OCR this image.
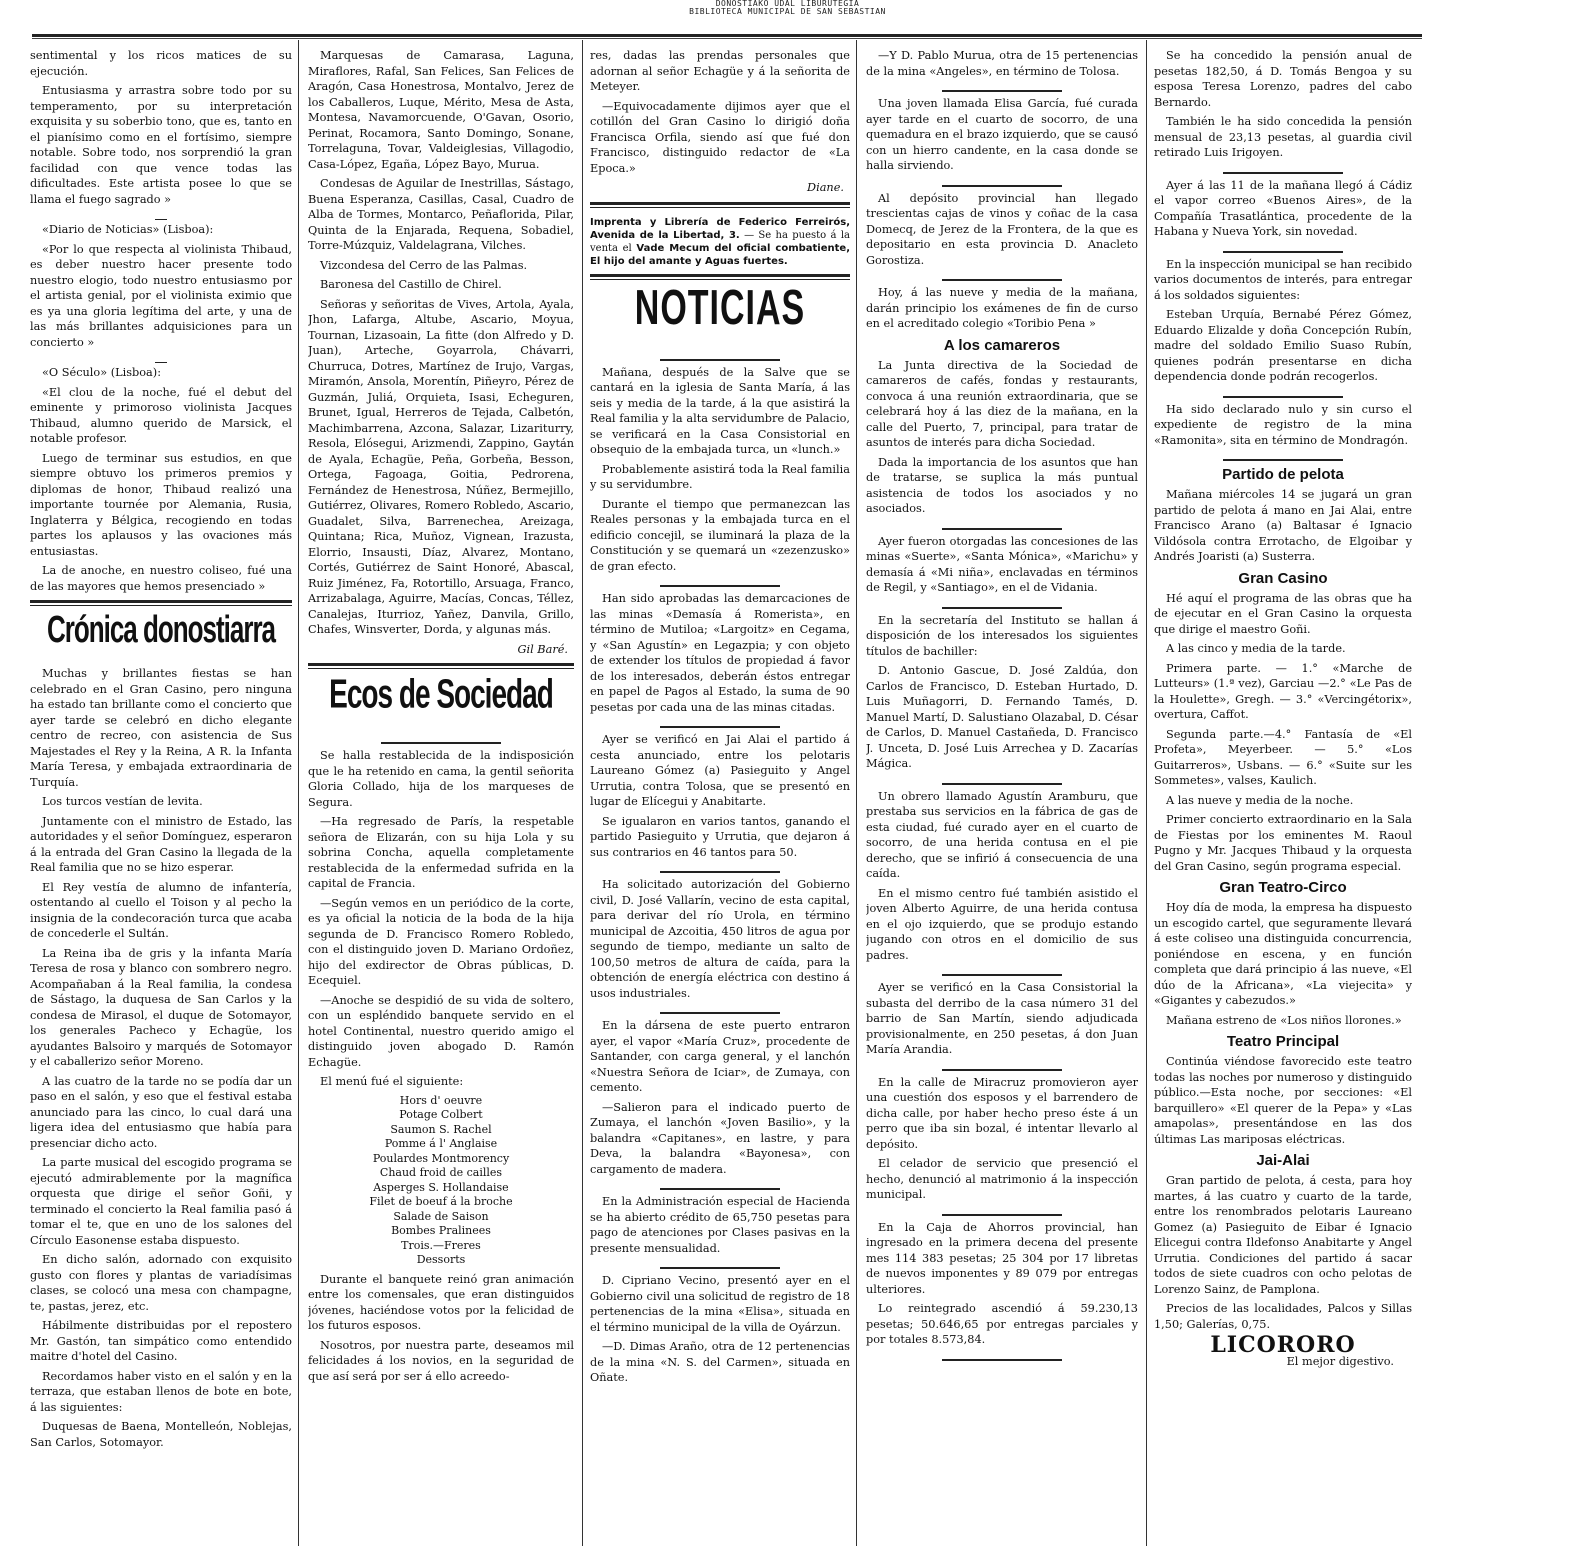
DONOSTIAKO UDAL LIBURUTEGIA
BIBLIOTECA MUNICIPAL DE SAN SEBASTIAN

sentimental y los ricos matices de su ejecución.

Entusiasma y arrastra sobre todo por su temperamento, por su interpretación exquisita y su soberbio tono, que es, tanto en el pianísimo como en el fortísimo, siempre notable. Sobre todo, nos sorprendió la gran facilidad con que vence todas las dificultades. Este artista posee lo que se llama el fuego sagrado »

«Diario de Noticias» (Lisboa):

«Por lo que respecta al violinista Thibaud, es deber nuestro hacer presente todo nuestro elogio, todo nuestro entusiasmo por el artista genial, por el violinista eximio que es ya una gloria legítima del arte, y una de las más brillantes adquisiciones para un concierto »

«O Século» (Lisboa):

«El clou de la noche, fué el debut del eminente y primoroso violinista Jacques Thibaud, alumno querido de Marsick, el notable profesor.

Luego de terminar sus estudios, en que siempre obtuvo los primeros premios y diplomas de honor, Thibaud realizó una importante tournée por Alemania, Rusia, Inglaterra y Bélgica, recogiendo en todas partes los aplausos y las ovaciones más entusiastas.

La de anoche, en nuestro coliseo, fué una de las mayores que hemos presenciado »

Crónica donostiarra

Muchas y brillantes fiestas se han celebrado en el Gran Casino, pero ninguna ha estado tan brillante como el concierto que ayer tarde se celebró en dicho elegante centro de recreo, con asistencia de Sus Majestades el Rey y la Reina, A R. la Infanta María Teresa, y embajada extraordinaria de Turquía.

Los turcos vestían de levita.

Juntamente con el ministro de Estado, las autoridades y el señor Domínguez, esperaron á la entrada del Gran Casino la llegada de la Real familia que no se hizo esperar.

El Rey vestía de alumno de infantería, ostentando al cuello el Toison y al pecho la insignia de la condecoración turca que acaba de concederle el Sultán.

La Reina iba de gris y la infanta María Teresa de rosa y blanco con sombrero negro. Acompañaban á la Real familia, la condesa de Sástago, la duquesa de San Carlos y la condesa de Mirasol, el duque de Sotomayor, los generales Pacheco y Echagüe, los ayudantes Balsoiro y marqués de Sotomayor y el caballerizo señor Moreno.

A las cuatro de la tarde no se podía dar un paso en el salón, y eso que el festival estaba anunciado para las cinco, lo cual dará una ligera idea del entusiasmo que había para presenciar dicho acto.

La parte musical del escogido programa se ejecutó admirablemente por la magnífica orquesta que dirige el señor Goñi, y terminado el concierto la Real familia pasó á tomar el te, que en uno de los salones del Círculo Easonense estaba dispuesto.

En dicho salón, adornado con exquisito gusto con flores y plantas de variadísimas clases, se colocó una mesa con champagne, te, pastas, jerez, etc.

Hábilmente distribuidas por el repostero Mr. Gastón, tan simpático como entendido maitre d'hotel del Casino.

Recordamos haber visto en el salón y en la terraza, que estaban llenos de bote en bote, á las siguientes:

Duquesas de Baena, Montelleón, Noblejas, San Carlos, Sotomayor.

Marquesas de Camarasa, Laguna, Miraflores, Rafal, San Felices, San Felices de Aragón, Casa Honestrosa, Montalvo, Jerez de los Caballeros, Luque, Mérito, Mesa de Asta, Montesa, Navamorcuende, O'Gavan, Osorio, Perinat, Rocamora, Santo Domingo, Sonane, Torrelaguna, Tovar, Valdeiglesias, Villagodio, Casa-López, Egaña, López Bayo, Murua.

Condesas de Aguilar de Inestrillas, Sástago, Buena Esperanza, Casillas, Casal, Cuadro de Alba de Tormes, Montarco, Peñaflorida, Pilar, Quinta de la Enjarada, Requena, Sobadiel, Torre-Múzquiz, Valdelagrana, Vilches.

Vizcondesa del Cerro de las Palmas.

Baronesa del Castillo de Chirel.

Señoras y señoritas de Vives, Artola, Ayala, Jhon, Lafarga, Altube, Ascario, Moyua, Tournan, Lizasoain, La fitte (don Alfredo y D. Juan), Arteche, Goyarrola, Chávarri, Churruca, Dotres, Martínez de Irujo, Vargas, Miramón, Ansola, Morentín, Piñeyro, Pérez de Guzmán, Juliá, Orquieta, Isasi, Echeguren, Brunet, Igual, Herreros de Tejada, Calbetón, Machimbarrena, Azcona, Salazar, Lizariturry, Resola, Elósegui, Arizmendi, Zappino, Gaytán de Ayala, Echagüe, Peña, Gorbeña, Besson, Ortega, Fagoaga, Goitia, Pedrorena, Fernández de Henestrosa, Núñez, Bermejillo, Gutiérrez, Olivares, Romero Robledo, Ascario, Guadalet, Silva, Barrenechea, Areizaga, Quintana; Rica, Muñoz, Vignean, Irazusta, Elorrio, Insausti, Díaz, Alvarez, Montano, Cortés, Gutiérrez de Saint Honoré, Abascal, Ruiz Jiménez, Fa, Rotortillo, Arsuaga, Franco, Arrizabalaga, Aguirre, Macías, Concas, Téllez, Canalejas, Iturrioz, Yañez, Danvila, Grillo, Chafes, Winsverter, Dorda, y algunas más.

Gil Baré.
Ecos de Sociedad

Se halla restablecida de la indisposición que le ha retenido en cama, la gentil señorita Gloria Collado, hija de los marqueses de Segura.

—Ha regresado de París, la respetable señora de Elizarán, con su hija Lola y su sobrina Concha, aquella completamente restablecida de la enfermedad sufrida en la capital de Francia.

—Según vemos en un periódico de la corte, es ya oficial la noticia de la boda de la hija segunda de D. Francisco Romero Robledo, con el distinguido joven D. Mariano Ordoñez, hijo del exdirector de Obras públicas, D. Ecequiel.

—Anoche se despidió de su vida de soltero, con un espléndido banquete servido en el hotel Continental, nuestro querido amigo el distinguido joven abogado D. Ramón Echagüe.

El menú fué el siguiente:

Hors d' oeuvre
Potage Colbert
Saumon S. Rachel
Pomme á l' Anglaise
Poulardes Montmorency
Chaud froid de cailles
Asperges S. Hollandaise
Filet de boeuf á la broche
Salade de Saison
Bombes Pralinees
Trois.—Freres
Dessorts

Durante el banquete reinó gran animación entre los comensales, que eran distinguidos jóvenes, haciéndose votos por la felicidad de los futuros esposos.

Nosotros, por nuestra parte, deseamos mil felicidades á los novios, en la seguridad de que así será por ser á ello acreedo-

res, dadas las prendas personales que adornan al señor Echagüe y á la señorita de Meteyer.

—Equivocadamente dijimos ayer que el cotillón del Gran Casino lo dirigió doña Francisca Orfila, siendo así que fué don Francisco, distinguido redactor de «La Epoca.»

Diane.
Imprenta y Librería de Federico Ferreirós, Avenida de la Libertad, 3. — Se ha puesto á la venta el Vade Mecum del oficial combatiente, El hijo del amante y Aguas fuertes.
NOTICIAS

Mañana, después de la Salve que se cantará en la iglesia de Santa María, á las seis y media de la tarde, á la que asistirá la Real familia y la alta servidumbre de Palacio, se verificará en la Casa Consistorial en obsequio de la embajada turca, un «lunch.»

Probablemente asistirá toda la Real familia y su servidumbre.

Durante el tiempo que permanezcan las Reales personas y la embajada turca en el edificio concejil, se iluminará la plaza de la Constitución y se quemará un «zezenzusko» de gran efecto.

Han sido aprobadas las demarcaciones de las minas «Demasía á Romerista», en término de Mutiloa; «Largoitz» en Cegama, y «San Agustín» en Legazpia; y con objeto de extender los títulos de propiedad á favor de los interesados, deberán éstos entregar en papel de Pagos al Estado, la suma de 90 pesetas por cada una de las minas citadas.

Ayer se verificó en Jai Alai el partido á cesta anunciado, entre los pelotaris Laureano Gómez (a) Pasieguito y Angel Urrutia, contra Tolosa, que se presentó en lugar de Elícegui y Anabitarte.

Se igualaron en varios tantos, ganando el partido Pasieguito y Urrutia, que dejaron á sus contrarios en 46 tantos para 50.

Ha solicitado autorización del Gobierno civil, D. José Vallarín, vecino de esta capital, para derivar del río Urola, en término municipal de Azcoitia, 450 litros de agua por segundo de tiempo, mediante un salto de 100,50 metros de altura de caída, para la obtención de energía eléctrica con destino á usos industriales.

En la dársena de este puerto entraron ayer, el vapor «María Cruz», procedente de Santander, con carga general, y el lanchón «Nuestra Señora de Iciar», de Zumaya, con cemento.

—Salieron para el indicado puerto de Zumaya, el lanchón «Joven Basilio», y la balandra «Capitanes», en lastre, y para Deva, la balandra «Bayonesa», con cargamento de madera.

En la Administración especial de Hacienda se ha abierto crédito de 65,750 pesetas para pago de atenciones por Clases pasivas en la presente mensualidad.

D. Cipriano Vecino, presentó ayer en el Gobierno civil una solicitud de registro de 18 pertenencias de la mina «Elisa», situada en el término municipal de la villa de Oyárzun.

—D. Dimas Araño, otra de 12 pertenencias de la mina «N. S. del Carmen», situada en Oñate.

—Y D. Pablo Murua, otra de 15 pertenencias de la mina «Angeles», en término de Tolosa.

Una joven llamada Elisa García, fué curada ayer tarde en el cuarto de socorro, de una quemadura en el brazo izquierdo, que se causó con un hierro candente, en la casa donde se halla sirviendo.

Al depósito provincial han llegado trescientas cajas de vinos y coñac de la casa Domecq, de Jerez de la Frontera, de la que es depositario en esta provincia D. Anacleto Gorostiza.

Hoy, á las nueve y media de la mañana, darán principio los exámenes de fin de curso en el acreditado colegio «Toribio Pena »

A los camareros

La Junta directiva de la Sociedad de camareros de cafés, fondas y restaurants, convoca á una reunión extraordinaria, que se celebrará hoy á las diez de la mañana, en la calle del Puerto, 7, principal, para tratar de asuntos de interés para dicha Sociedad.

Dada la importancia de los asuntos que han de tratarse, se suplica la más puntual asistencia de todos los asociados y no asociados.

Ayer fueron otorgadas las concesiones de las minas «Suerte», «Santa Mónica», «Marichu» y demasía á «Mi niña», enclavadas en términos de Regil, y «Santiago», en el de Vidania.

En la secretaría del Instituto se hallan á disposición de los interesados los siguientes títulos de bachiller:

D. Antonio Gascue, D. José Zaldúa, don Carlos de Francisco, D. Esteban Hurtado, D. Luis Muñagorri, D. Fernando Tamés, D. Manuel Martí, D. Salustiano Olazabal, D. César de Carlos, D. Manuel Castañeda, D. Francisco J. Unceta, D. José Luis Arrechea y D. Zacarías Mágica.

Un obrero llamado Agustín Aramburu, que prestaba sus servicios en la fábrica de gas de esta ciudad, fué curado ayer en el cuarto de socorro, de una herida contusa en el pie derecho, que se infirió á consecuencia de una caída.

En el mismo centro fué también asistido el joven Alberto Aguirre, de una herida contusa en el ojo izquierdo, que se produjo estando jugando con otros en el domicilio de sus padres.

Ayer se verificó en la Casa Consistorial la subasta del derribo de la casa número 31 del barrio de San Martín, siendo adjudicada provisionalmente, en 250 pesetas, á don Juan María Arandia.

En la calle de Miracruz promovieron ayer una cuestión dos esposos y el barrendero de dicha calle, por haber hecho preso éste á un perro que iba sin bozal, é intentar llevarlo al depósito.

El celador de servicio que presenció el hecho, denunció al matrimonio á la inspección municipal.

En la Caja de Ahorros provincial, han ingresado en la primera decena del presente mes 114 383 pesetas; 25 304 por 17 libretas de nuevos imponentes y 89 079 por entregas ulteriores.

Lo reintegrado ascendió á 59.230,13 pesetas; 50.646,65 por entregas parciales y por totales 8.573,84.

Se ha concedido la pensión anual de pesetas 182,50, á D. Tomás Bengoa y su esposa Teresa Lorenzo, padres del cabo Bernardo.

También le ha sido concedida la pensión mensual de 23,13 pesetas, al guardia civil retirado Luis Irigoyen.

Ayer á las 11 de la mañana llegó á Cádiz el vapor correo «Buenos Aires», de la Compañía Trasatlántica, procedente de la Habana y Nueva York, sin novedad.

En la inspección municipal se han recibido varios documentos de interés, para entregar á los soldados siguientes:

Esteban Urquía, Bernabé Pérez Gómez, Eduardo Elizalde y doña Concepción Rubín, madre del soldado Emilio Suaso Rubín, quienes podrán presentarse en dicha dependencia donde podrán recogerlos.

Ha sido declarado nulo y sin curso el expediente de registro de la mina «Ramonita», sita en término de Mondragón.

Partido de pelota

Mañana miércoles 14 se jugará un gran partido de pelota á mano en Jai Alai, entre Francisco Arano (a) Baltasar é Ignacio Vildósola contra Errotacho, de Elgoibar y Andrés Joaristi (a) Susterra.

Gran Casino

Hé aquí el programa de las obras que ha de ejecutar en el Gran Casino la orquesta que dirige el maestro Goñi.

A las cinco y media de la tarde.

Primera parte. — 1.° «Marche de Lutteurs» (1.ª vez), Garciau —2.° «Le Pas de la Houlette», Gregh. — 3.° «Vercingétorix», overtura, Caffot.

Segunda parte.—4.° Fantasía de «El Profeta», Meyerbeer. — 5.° «Los Guitarreros», Usbans. — 6.° «Suite sur les Sommetes», valses, Kaulich.

A las nueve y media de la noche.

Primer concierto extraordinario en la Sala de Fiestas por los eminentes M. Raoul Pugno y Mr. Jacques Thibaud y la orquesta del Gran Casino, según programa especial.

Gran Teatro-Circo

Hoy día de moda, la empresa ha dispuesto un escogido cartel, que seguramente llevará á este coliseo una distinguida concurrencia, poniéndose en escena, y en función completa que dará principio á las nueve, «El dúo de la Africana», «La viejecita» y «Gigantes y cabezudos.»

Mañana estreno de «Los niños llorones.»

Teatro Principal

Continúa viéndose favorecido este teatro todas las noches por numeroso y distinguido público.—Esta noche, por secciones: «El barquillero» «El querer de la Pepa» y «Las amapolas», presentándose en las dos últimas Las mariposas eléctricas.

Jai-Alai

Gran partido de pelota, á cesta, para hoy martes, á las cuatro y cuarto de la tarde, entre los renombrados pelotaris Laureano Gomez (a) Pasieguito de Eibar é Ignacio Elicegui contra Ildefonso Anabitarte y Angel Urrutia. Condiciones del partido á sacar todos de siete cuadros con ocho pelotas de Lorenzo Sainz, de Pamplona.

Precios de las localidades, Palcos y Sillas 1,50; Galerías, 0,75.

LICORORO
El mejor digestivo.
